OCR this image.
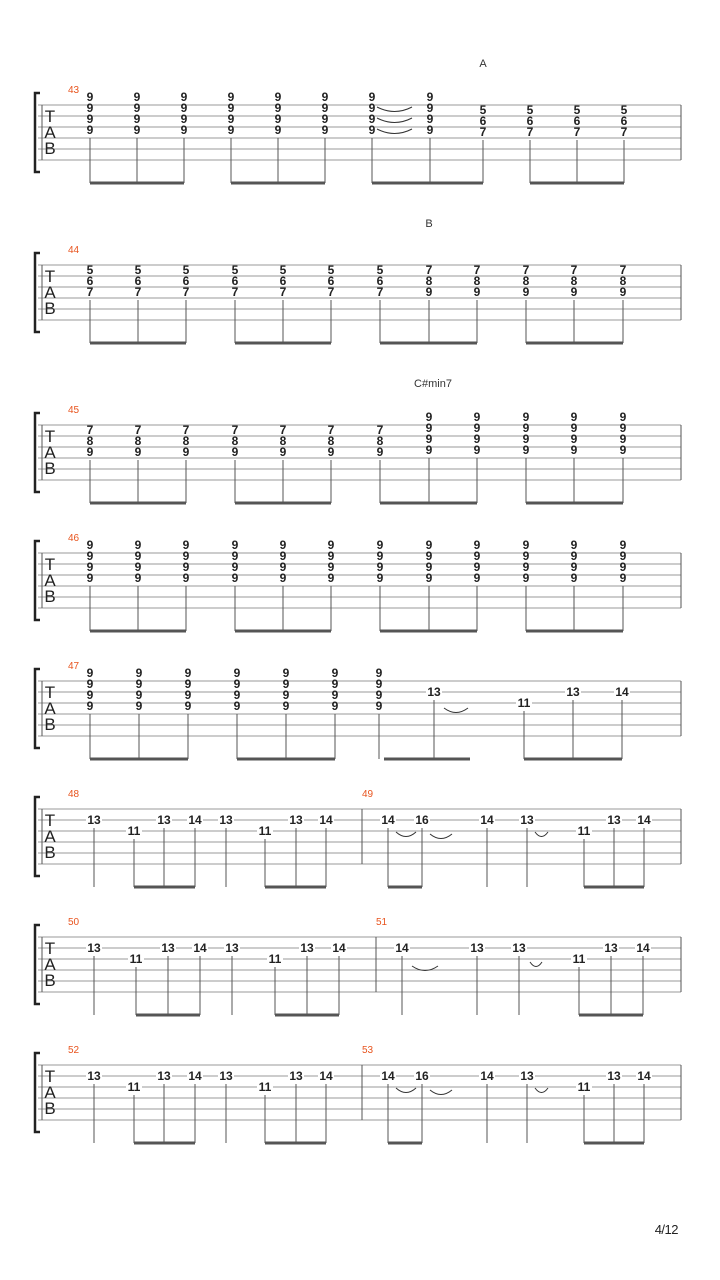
A
T
A
B
43 9
9
9
9
9
9
9
9
9
9
9
9
9
9
9
9
9
9
9
9
9
9
9
9
9
9
9
9
9
9
9
9
5
6
7
5
6
7
5
6
7
5
6
7
B
T
A
B
44
5
6
7
5
6
7
5
6
7
5
6
7
5
6
7
5
6
7
5
6
7
7
8
9
7
8
9
7
8
9
7
8
9
7
8
9
C#min7
T
A
B
45
7
8
9
7
8
9
7
8
9
7
8
9
7
8
9
7
8
9
7
8
9
9
9
9
9
9
9
9
9
9
9
9
9
9
9
9
9
9
9
9
9
T
A
B
46 9
9
9
9
9
9
9
9
9
9
9
9
9
9
9
9
9
9
9
9
9
9
9
9
9
9
9
9
9
9
9
9
9
9
9
9
9
9
9
9
9
9
9
9
9
9
9
9
T
A
B
47 9
9
9
9
9
9
9
9
9
9
9
9
9
9
9
9
9
9
9
9
9
9
9
9
9
9
9
9
13
11
13	14
T
A
B
48
13
11
13 14 13
11
13 14
49
14 16	14 13
11
13 14
T
A
B
50
13
11
13 14 13
11
13 14
51
14	13 13
11
13 14
T
A
B
52
13
11
13 14 13
11
13 14
53
14 16	14 13
11
13 14
4/12
